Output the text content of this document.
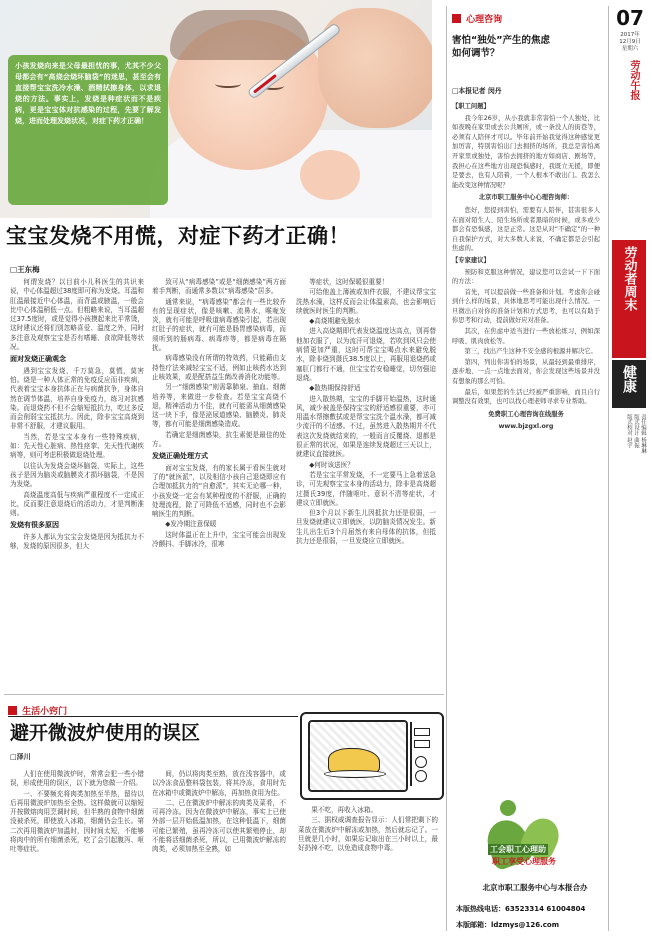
小孩发烧向来是父母最担忧的事，尤其不少父母都会有“高烧会烧坏脑袋”的迷思，甚至会有直接帮宝宝洗冷水澡、酒精拭擦身体，以求退烧的方法。事实上，发烧是种症状而不是疾病，更是宝宝体对抗感染的过程，先要了解发烧，进而处理发烧状况，对症下药才正确！
宝宝发烧不用慌，对症下药才正确！
□王东梅

何谓发烧？以目前小儿科医生的共识来说，中心体温超过38度即可称为发烧。耳温和肛温最接近中心体温，而背温或腋温，一般会比中心体温稍低一点。但粗略来说，当耳温超过37.5度时，或是觉得小孩摸起来比平常烫，这时建议还将们别忽略喜爱、温度之外，同时多注意及观察宝宝是否有嗜睡、食欲降低等状况。

面对发烧正确观念

遇到宝宝发烧，千万莫急，莫慌，莫害怕。烧是一种人体正常的免疫反应而非疾病，代表着宝宝本身抗体正在与病菌抗争，身体自然在调节体温，培养自身免疫力，练习对抗感染。而退烧药不但不会缩短抵抗力，吃过多反而会削弱宝宝抵抗力。因此，除非宝宝高烧到非常不舒服，才建议服用。

当然，若是宝宝本身有一些特殊疾病，如：先天性心脏病、热性痉挛、先天性代谢疾病等，则可考虑积极做退烧处理。

以往认为发烧会烧坏脑袋，实际上，这些孩子是因为脑炎或脑膜炎才损坏脑袋，不是因为发烧。

高烧温度高低与疾病严重程度不一定成正比，反而要注意退烧后的活动力，才是判断准则。

发烧有很多原因

许多人都认为宝宝会发烧是因为抵抗力不够，发烧的原因很多，但大

致可从“病毒感染”或是“细菌感染”两方面着手判断，而通常多数以“病毒感染”居多。

通常来说，“病毒感染”都会有一些比较乔有的呈现症状，像是咳嗽、流鼻水，喉咙发炎，就有可能是呼吸道病毒感染引起，若出现红肚子的症状，就有可能是肠胃感染病毒，而须听到的肠病毒、病毒疹等，都是病毒在隔扰。

病毒感染没有所谓的特效药，只能藉由支持性疗法来减轻宝宝不适，例如止咳药水达到止咳效果，或是配搭益生菌改善消化功能等。

另一“细菌感染”则需靠肺泉、抽血、细菌培养等，来做进一步检查。若是宝宝高烧不退，精神活动力不佳，就有可能需从细菌感染这一块下手，像是泌尿道感染、脑膜炎、肺炎等，都有可能是细菌感染造成。

若确定是细菌感染，抗生素便是最佳的处方。

发烧正确处理方式

面对宝宝发烧，有的家长属于看医生就对了的“就医派”，以及相信小孩自己退烧即应有合理加抵抗力的“自愈派”，其实无论哪一种，小孩发烧一定会有某种程度的不舒服，正确的处理流程，除了可降低不适感，同时也不会影响医生的判断。

◆发冷期注意保暖

这时体温正在上升中，宝宝可能会出现发冷颤抖、手脚冰冷，很寒

等症状，这时保暖很重要！

可给他盖上薄被或加件衣服，不建议帮宝宝洗热水澡，这样反而会让体温素高，也会影响后续就医时医生的判断。

◆高烧期避免脱水

进入高烧期即代表发烧温度达高点，别再替他加衣服了，以为流汗可退烧，若吹到风只会使病情更加严重，这时可帮宝宝喝点水来避免脱水，除非烧到摄氏38.5度以上，再服用退烧药或塞肛门都行不通，但宝宝若安稳睡觉，切勿强迫退烧。

◆散热期保持舒适

进入散热期，宝宝的手脚开始温热，这时通风，减少被盖是保持宝宝的舒适感很重要，亦可用温水帮擦敷拭或是帮宝宝洗个温水澡，都可减少流汗的不适感。不过，虽然进入散热期并不代表这次发烧就结束的，一般而言反覆烧、退都是很正常的状况，如果是连续发烧超过三天以上，就建议直接就医。

◆何时该送医？

若是宝宝平常发烧，不一定要马上急着送急诊，可先观察宝宝本身的活动力，除非是高烧超过摄氏39度，伴随呕吐、意识不清等症状，才建议立即就医。

但3个月以下新生儿因抵抗力还是很弱，一旦发烧就建议立即就医，以防脑炎情况发生。新生儿出生后3个月届然有来自母体的抗体，但抵抗力还是很弱，一旦发烧应立即就医。

心理咨询
害怕“独处”产生的焦虑
如何调节？
□本报记者 闵丹

【职工问题】

我今年26岁，从小我就非常害怕一个人独处，比如夜晚在家里或去公共厕所，或一条没人的街巷等，必须有人陪伴才可以。毕年前开始我觉得这种感觉更加厉害，特别害怕出门去拥挤的场所，我总是害怕离开家里或独处，害怕去拥挤的地方如商店、剧场等，我担心在这些地方出现恐惧感时，我既立无援，即便是要去，也有人陪着，一个人根本不敢出门。我怎么能改变这种情况呢？

北京市职工服务中心心理咨询师：

您好，您提到害怕，需要有人陪伴，甚害很多人在面对陌生人、陌生场所或者黑暗的时候，或多或少都会有恐惧感，这是正常。这是从对“不确定”的一种自我保护方式，对大多数人来说，不确定都是会引起焦虑的。

【专家建议】

预防和克服这种情况，建议您可以尝试一下下面的方法：

首先，可以提前做一些准备和计划。考虑你会碰到什么样的场景，具体地思考可能出现什么情况。一旦微出自对你的准备计划和方式思考，也可以有助于你思考和行动，提前做好应对准备。

其次，在焦虑中适当进行一些放松练习，例如深呼吸、肌肉放松等。

第三，找出产生这种不安全感的根源并解决它。

第四，列出你害怕的场景，从最轻到最重排序，逐步地、一点一点地去面对，你会发现这些场景并没有想象的那么可怕。

最后，如果您的生活已经被严重影响，而且自行调整没有效果，也可以找心理老师寻求专业帮助。

免费职工心理咨询在线服务

www.bjzgxl.org

07
2017年
12月9日
星期六
劳动午报
劳动者周末
健康
责任编辑 杨琳琳
版式设计 曲振
版式校对 赵宇
生活小窍门
避开微波炉使用的误区
□泽川

人们在使用微波炉时，常常会犯一些小错误，形成使用的误区，以下就为您做一介绍。

一、不要频充将肉类加热至半热，留待以后再用微波炉加热至全热。这样做就可以缩短开按微熔肉用烹调时间，但半熟的食物中细菌没被杀死，即使放入冰箱，细菌仍会生长。第二次再用微波炉加温时，因时间太短，不能够将肉中的所有细菌杀死，吃了会引起腹泻、呕吐等症状。

间，仍以将肉类至熟，放在浅容器中，或以冷冻食品整料袋包装，将其冷冻，食用时先在冰箱中或微波炉中解冻，再加热食用为佳。

二、已在微波炉中解冻的肉类及菜肴，不可再冷冻。因为在微波炉中解冻，事实上已使外部一层开始低温加热，在这种低温下，细菌可能已繁殖，虽再冷冻可以使其繁殖停止，却不能将活细菌杀死，所以，已用微波炉解冻的肉类，必须加热至全熟，如

果不吃，再收入冰箱。

三、据权威调查报告显示：人们常把剩下的菜放在微波炉中解冻或加热，然后就忘记了。一旦就是几小时，如果忘记取出在三小时以上，最好扔掉不吃，以免造成食物中毒。	工会职工心理助
职工享受心理服务
北京市职工服务中心与本报合办
本版热线电话：63523314 61004804
本版邮箱：ldzmys@126.com
